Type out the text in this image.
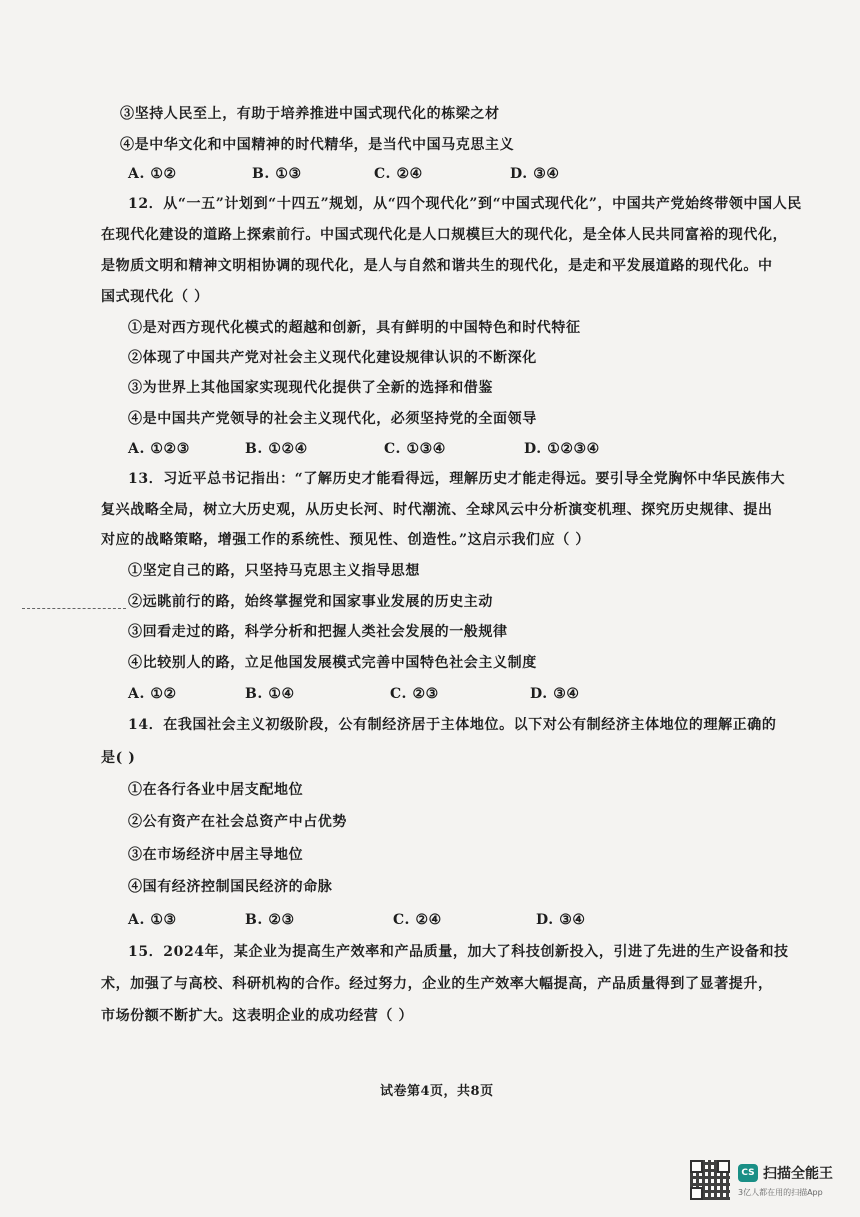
③坚持人民至上，有助于培养推进中国式现代化的栋梁之材
④是中华文化和中国精神的时代精华，是当代中国马克思主义
A. ①②	B. ①③	C. ②④	D. ③④
12．从“一五”计划到“十四五”规划，从“四个现代化”到“中国式现代化”，中国共产党始终带领中国人民
在现代化建设的道路上探索前行。中国式现代化是人口规模巨大的现代化，是全体人民共同富裕的现代化，
是物质文明和精神文明相协调的现代化，是人与自然和谐共生的现代化，是走和平发展道路的现代化。中
国式现代化（ ）
①是对西方现代化模式的超越和创新，具有鲜明的中国特色和时代特征
②体现了中国共产党对社会主义现代化建设规律认识的不断深化
③为世界上其他国家实现现代化提供了全新的选择和借鉴
④是中国共产党领导的社会主义现代化，必须坚持党的全面领导
A. ①②③	B. ①②④	C. ①③④	D. ①②③④
13．习近平总书记指出：“了解历史才能看得远，理解历史才能走得远。要引导全党胸怀中华民族伟大
复兴战略全局，树立大历史观，从历史长河、时代潮流、全球风云中分析演变机理、探究历史规律、提出
对应的战略策略，增强工作的系统性、预见性、创造性。”这启示我们应（ ）
①坚定自己的路，只坚持马克思主义指导思想
②远眺前行的路，始终掌握党和国家事业发展的历史主动
③回看走过的路，科学分析和把握人类社会发展的一般规律
④比较别人的路，立足他国发展模式完善中国特色社会主义制度
A. ①②	B. ①④	C. ②③	D. ③④
14．在我国社会主义初级阶段，公有制经济居于主体地位。以下对公有制经济主体地位的理解正确的
是( )
①在各行各业中居支配地位
②公有资产在社会总资产中占优势
③在市场经济中居主导地位
④国有经济控制国民经济的命脉
A. ①③	B. ②③	C. ②④	D. ③④
15．2024年，某企业为提高生产效率和产品质量，加大了科技创新投入，引进了先进的生产设备和技
术，加强了与高校、科研机构的合作。经过努力，企业的生产效率大幅提高，产品质量得到了显著提升，
市场份额不断扩大。这表明企业的成功经营（ ）
试卷第4页，共8页
CS 扫描全能王
3亿人都在用的扫描App
